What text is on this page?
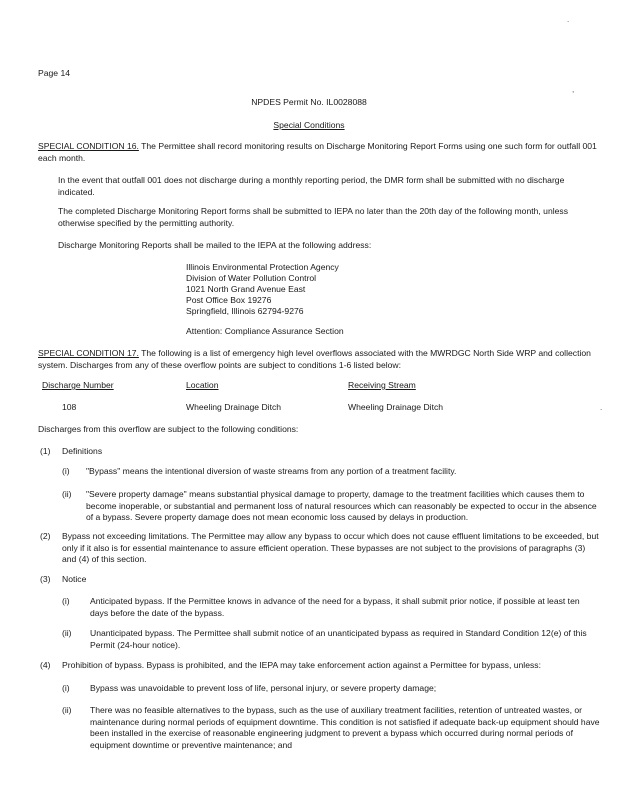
.
,
.
Page 14
NPDES Permit No. IL0028088
Special Conditions
SPECIAL CONDITION 16. The Permittee shall record monitoring results on Discharge Monitoring Report Forms using one such form for outfall 001 each month.
In the event that outfall 001 does not discharge during a monthly reporting period, the DMR form shall be submitted with no discharge indicated.
The completed Discharge Monitoring Report forms shall be submitted to IEPA no later than the 20th day of the following month, unless otherwise specified by the permitting authority.
Discharge Monitoring Reports shall be mailed to the IEPA at the following address:
Illinois Environmental Protection Agency
Division of Water Pollution Control
1021 North Grand Avenue East
Post Office Box 19276
Springfield, Illinois 62794-9276
Attention: Compliance Assurance Section
SPECIAL CONDITION 17. The following is a list of emergency high level overflows associated with the MWRDGC North Side WRP and collection system. Discharges from any of these overflow points are subject to conditions 1-6 listed below:
Discharge Number	Location	Receiving Stream
108	Wheeling Drainage Ditch	Wheeling Drainage Ditch
Discharges from this overflow are subject to the following conditions:
(1) Definitions
(i) "Bypass" means the intentional diversion of waste streams from any portion of a treatment facility.
(ii) "Severe property damage" means substantial physical damage to property, damage to the treatment facilities which causes them to become inoperable, or substantial and permanent loss of natural resources which can reasonably be expected to occur in the absence of a bypass. Severe property damage does not mean economic loss caused by delays in production.
(2) Bypass not exceeding limitations. The Permittee may allow any bypass to occur which does not cause effluent limitations to be exceeded, but only if it also is for essential maintenance to assure efficient operation. These bypasses are not subject to the provisions of paragraphs (3) and (4) of this section.
(3) Notice
(i) Anticipated bypass. If the Permittee knows in advance of the need for a bypass, it shall submit prior notice, if possible at least ten days before the date of the bypass.
(ii) Unanticipated bypass. The Permittee shall submit notice of an unanticipated bypass as required in Standard Condition 12(e) of this Permit (24-hour notice).
(4) Prohibition of bypass. Bypass is prohibited, and the IEPA may take enforcement action against a Permittee for bypass, unless:
(i) Bypass was unavoidable to prevent loss of life, personal injury, or severe property damage;
(ii) There was no feasible alternatives to the bypass, such as the use of auxiliary treatment facilities, retention of untreated wastes, or maintenance during normal periods of equipment downtime. This condition is not satisfied if adequate back-up equipment should have been installed in the exercise of reasonable engineering judgment to prevent a bypass which occurred during normal periods of equipment downtime or preventive maintenance; and
